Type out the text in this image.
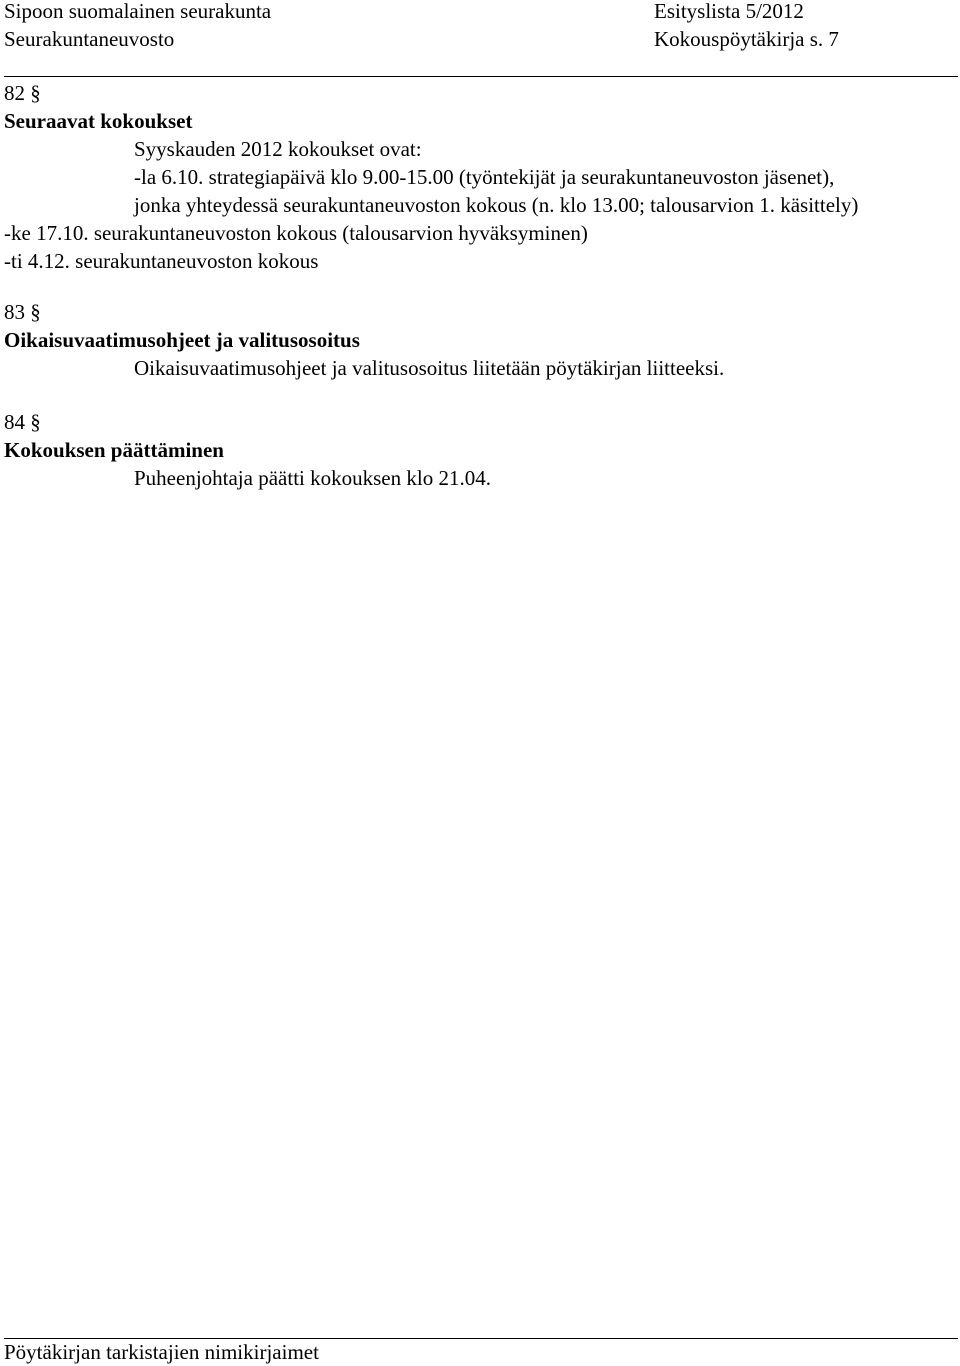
Sipoon suomalainen seurakunta	Esityslista 5/2012
Seurakuntaneuvosto	Kokouspöytäkirja s. 7
82 §
Seuraavat kokoukset
Syyskauden 2012 kokoukset ovat:
-la 6.10. strategiapäivä klo 9.00-15.00 (työntekijät ja seurakuntaneuvoston jäsenet),
jonka yhteydessä seurakuntaneuvoston kokous (n. klo 13.00; talousarvion 1. käsittely)
-ke 17.10. seurakuntaneuvoston kokous (talousarvion hyväksyminen)
-ti 4.12. seurakuntaneuvoston kokous
83 §
Oikaisuvaatimusohjeet ja valitusosoitus
Oikaisuvaatimusohjeet ja valitusosoitus liitetään pöytäkirjan liitteeksi.
84 §
Kokouksen päättäminen
Puheenjohtaja päätti kokouksen klo 21.04.
Pöytäkirjan tarkistajien nimikirjaimet
